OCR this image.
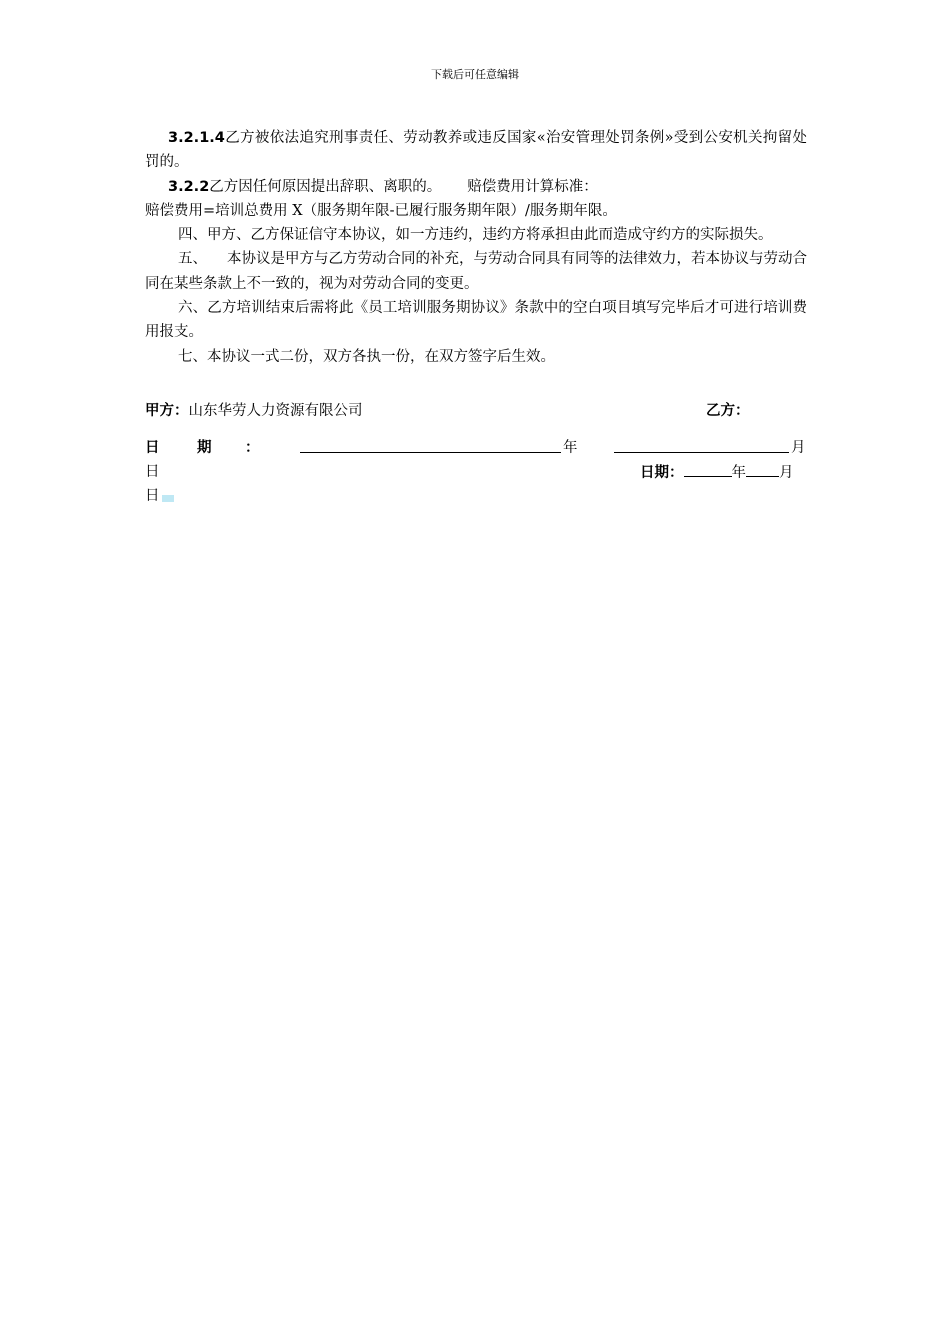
下载后可任意编辑

3.2.1.4乙方被依法追究刑事责任、劳动教养或违反国家«治安管理处罚条例»受到公安机关拘留处罚的。

3.2.2乙方因任何原因提出辞职、离职的。 赔偿费用计算标准：

赔偿费用=培训总费用 X（服务期年限-已履行服务期年限）/服务期年限。

四、甲方、乙方保证信守本协议，如一方违约，违约方将承担由此而造成守约方的实际损失。

五、 本协议是甲方与乙方劳动合同的补充，与劳动合同具有同等的法律效力，若本协议与劳动合同在某些条款上不一致的，视为对劳动合同的变更。

六、乙方培训结束后需将此《员工培训服务期协议》条款中的空白项目填写完毕后才可进行培训费用报支。

七、本协议一式二份，双方各执一份，在双方签字后生效。

甲方：山东华劳人力资源有限公司	乙方：
日	期 ：	年	月
日	日期：	年 月
日
